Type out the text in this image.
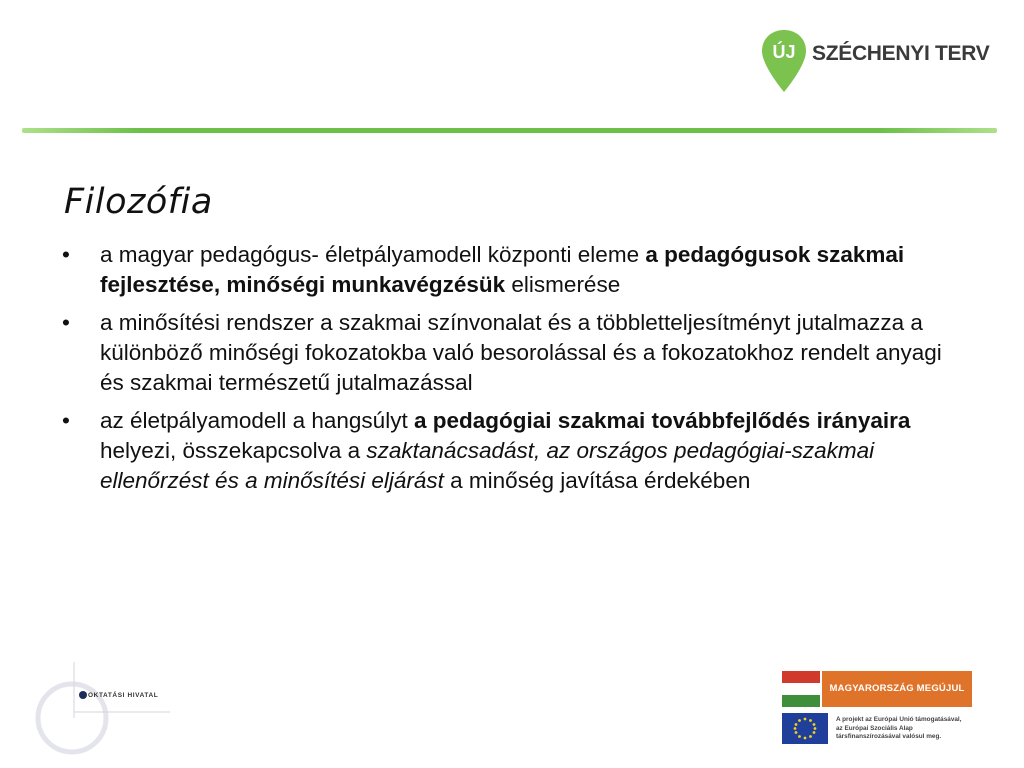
ÚJ SZÉCHENYI TERV
Filozófia
• a magyar pedagógus- életpályamodell központi eleme a pedagógusok szakmai fejlesztése, minőségi munkavégzésük elismerése
• a minősítési rendszer a szakmai színvonalat és a többletteljesítményt jutalmazza a különböző minőségi fokozatokba való besorolással és a fokozatokhoz rendelt anyagi és szakmai természetű jutalmazással
• az életpályamodell a hangsúlyt a pedagógiai szakmai továbbfejlődés irányaira helyezi, összekapcsolva a szaktanácsadást, az országos pedagógiai-szakmai ellenőrzést és a minősítési eljárást a minőség javítása érdekében
OKTATÁSI HIVATAL
MAGYARORSZÁG MEGÚJUL
A projekt az Európai Unió támogatásával,
az Európai Szociális Alap
társfinanszírozásával valósul meg.
